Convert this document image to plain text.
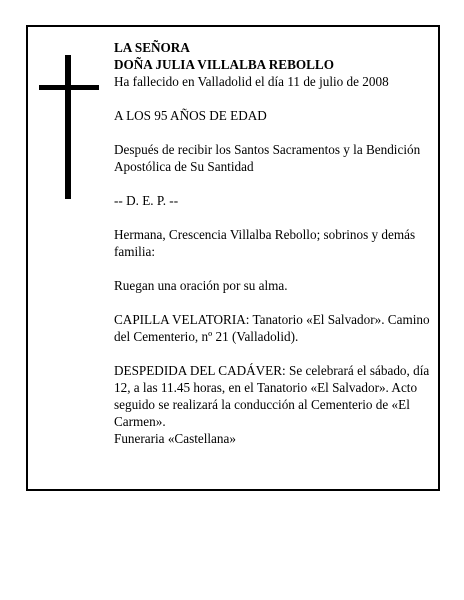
LA SEÑORA

DOÑA JULIA VILLALBA REBOLLO

Ha fallecido en Valladolid el día 11 de julio de 2008

A LOS 95 AÑOS DE EDAD

Después de recibir los Santos Sacramentos y la Bendición Apostólica de Su Santidad

-- D. E. P. --

Hermana, Crescencia Villalba Rebollo; sobrinos y demás familia:

Ruegan una oración por su alma.

CAPILLA VELATORIA: Tanatorio «El Salvador». Camino del Cementerio, nº 21 (Valladolid).

DESPEDIDA DEL CADÁVER: Se celebrará el sábado, día 12, a las 11.45 horas, en el Tanatorio «El Salvador». Acto seguido se realizará la conducción al Cementerio de «El Carmen».

Funeraria «Castellana»
